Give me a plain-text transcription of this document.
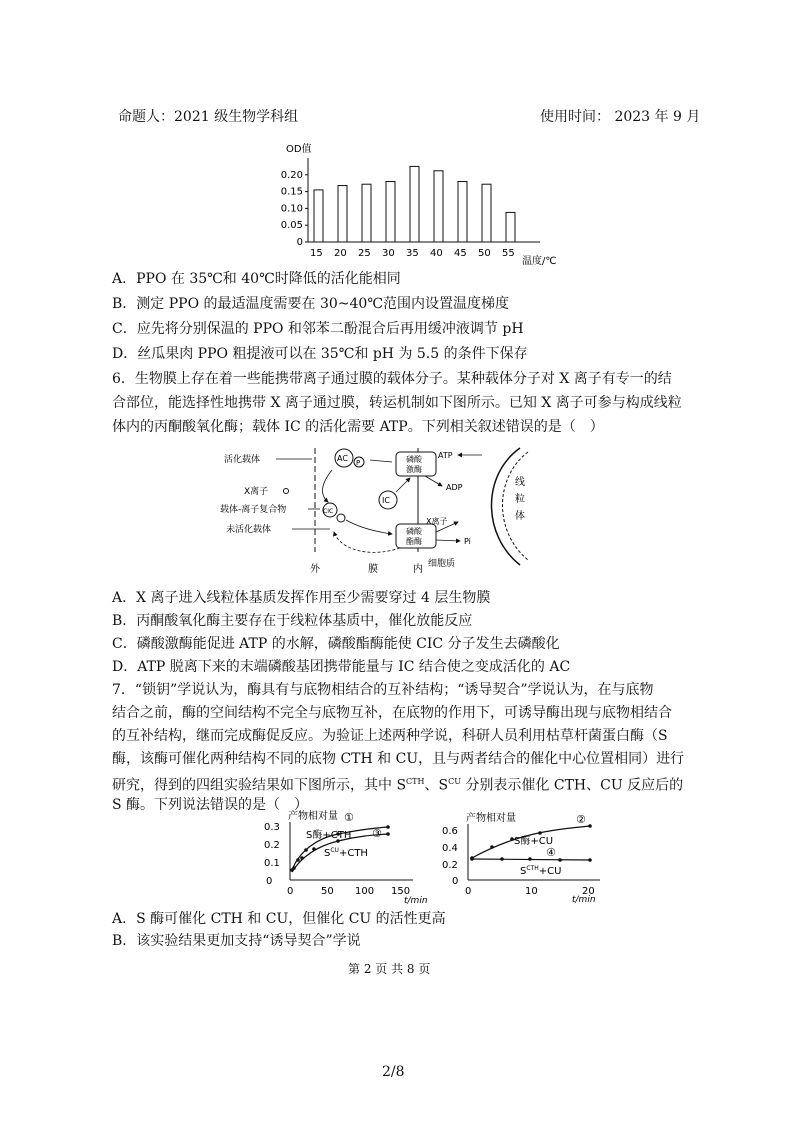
命题人：2021 级生物学科组	使用时间： 2023 年 9 月
OD值
0
0.05
0.10
0.15
0.20
15 20 25 30 35 40 45 50 55
温度/℃
A．PPO 在 35℃和 40℃时降低的活化能相同
B．测定 PPO 的最适温度需要在 30~40℃范围内设置温度梯度
C．应先将分别保温的 PPO 和邻苯二酚混合后再用缓冲液调节 pH
D．丝瓜果肉 PPO 粗提液可以在 35℃和 pH 为 5.5 的条件下保存
6．生物膜上存在着一些能携带离子通过膜的载体分子。某种载体分子对 X 离子有专一的结
合部位，能选择性地携带 X 离子通过膜，转运机制如下图所示。已知 X 离子可参与构成线粒
体内的丙酮酸氧化酶；载体 IC 的活化需要 ATP。下列相关叙述错误的是（　）
线
粒
体
活化载体
X离子
载体-离子复合物
未活化载体
AC P	磷酸
激酶
ATP
ADP
IC
CIC
磷酸
酯酶
X离子
Pi
外	膜	内 细胞质
A．X 离子进入线粒体基质发挥作用至少需要穿过 4 层生物膜
B．丙酮酸氧化酶主要存在于线粒体基质中，催化放能反应
C．磷酸激酶能促进 ATP 的水解，磷酸酯酶能使 CIC 分子发生去磷酸化
D．ATP 脱离下来的末端磷酸基团携带能量与 IC 结合使之变成活化的 AC
7．“锁钥”学说认为，酶具有与底物相结合的互补结构；“诱导契合”学说认为，在与底物
结合之前，酶的空间结构不完全与底物互补，在底物的作用下，可诱导酶出现与底物相结合
的互补结构，继而完成酶促反应。为验证上述两种学说，科研人员利用枯草杆菌蛋白酶（S
酶，该酶可催化两种结构不同的底物 CTH 和 CU，且与两者结合的催化中心位置相同）进行
研究，得到的四组实验结果如下图所示，其中 $S^{CTH}$、$S^{CU}$ 分别表示催化 CTH、CU 反应后的
S 酶。下列说法错误的是（　）
产物相对量
0
0.1
0.2
0.3
0	50 100 150
t/min
S酶+CTH
①
③
$S^{CU}+CTH$
产物相对量
0
0.2
0.4
0.6
0	10	20
t/min
②
S酶+CU
④
$S^{CTH}+CU$
A．S 酶可催化 CTH 和 CU，但催化 CU 的活性更高
B．该实验结果更加支持“诱导契合”学说
第 2 页 共 8 页
2/8
